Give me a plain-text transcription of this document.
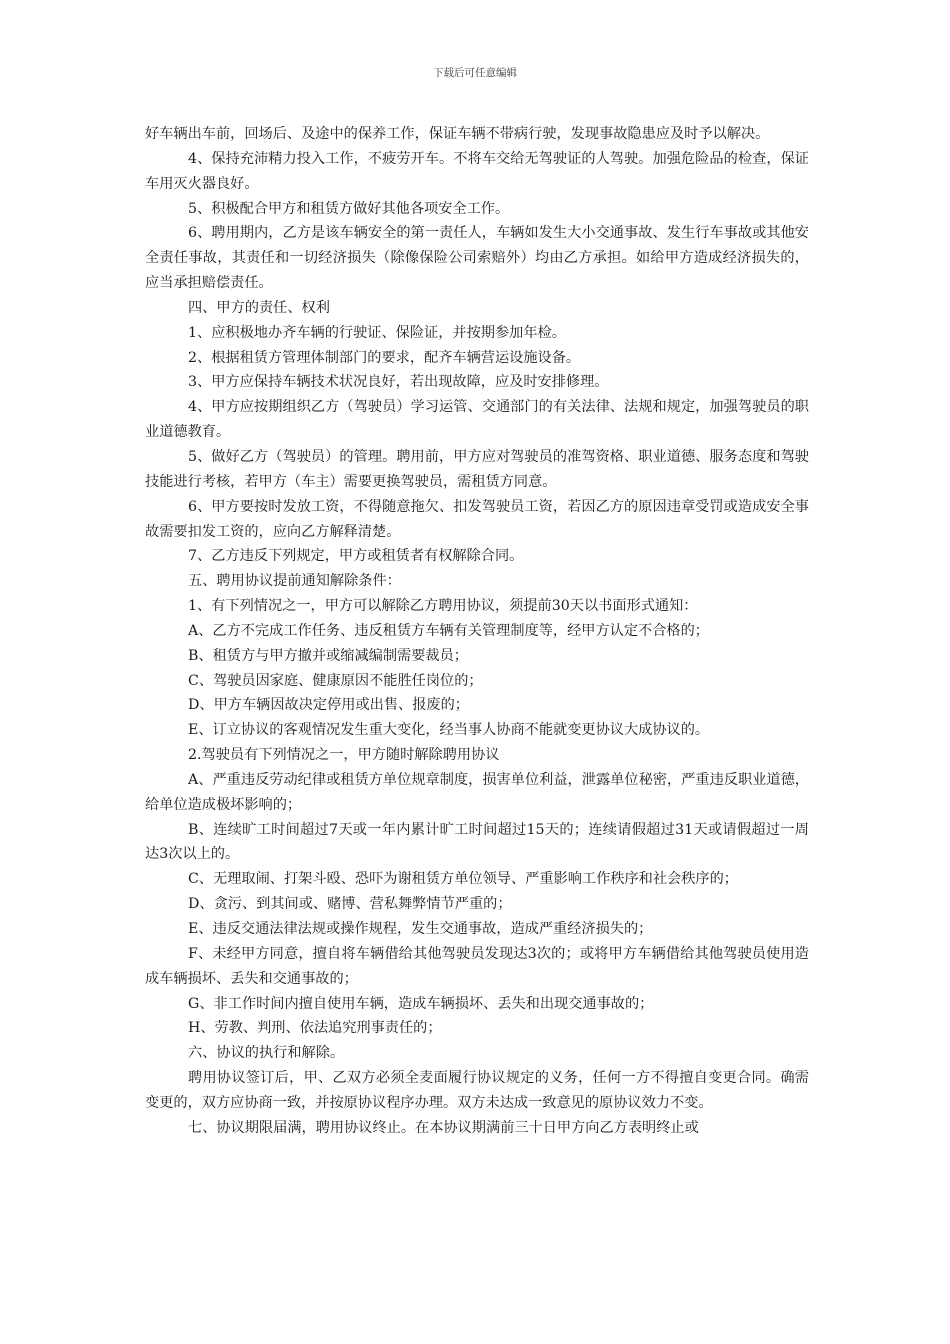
下载后可任意编辑

好车辆出车前，回场后、及途中的保养工作，保证车辆不带病行驶，发现事故隐患应及时予以解决。

4、保持充沛精力投入工作，不疲劳开车。不将车交给无驾驶证的人驾驶。加强危险品的检查，保证车用灭火器良好。

5、积极配合甲方和租赁方做好其他各项安全工作。

6、聘用期内，乙方是该车辆安全的第一责任人，车辆如发生大小交通事故、发生行车事故或其他安全责任事故，其责任和一切经济损失（除像保险公司索赔外）均由乙方承担。如给甲方造成经济损失的，应当承担赔偿责任。

四、甲方的责任、权利

1、应积极地办齐车辆的行驶证、保险证，并按期参加年检。

2、根据租赁方管理体制部门的要求，配齐车辆营运设施设备。

3、甲方应保持车辆技术状况良好，若出现故障，应及时安排修理。

4、甲方应按期组织乙方（驾驶员）学习运管、交通部门的有关法律、法规和规定，加强驾驶员的职业道德教育。

5、做好乙方（驾驶员）的管理。聘用前，甲方应对驾驶员的准驾资格、职业道德、服务态度和驾驶技能进行考核，若甲方（车主）需要更换驾驶员，需租赁方同意。

6、甲方要按时发放工资，不得随意拖欠、扣发驾驶员工资，若因乙方的原因违章受罚或造成安全事故需要扣发工资的，应向乙方解释清楚。

7、乙方违反下列规定，甲方或租赁者有权解除合同。

五、聘用协议提前通知解除条件：

1、有下列情况之一，甲方可以解除乙方聘用协议，须提前30天以书面形式通知：

A、乙方不完成工作任务、违反租赁方车辆有关管理制度等，经甲方认定不合格的；

B、租赁方与甲方撤并或缩减编制需要裁员；

C、驾驶员因家庭、健康原因不能胜任岗位的；

D、甲方车辆因故决定停用或出售、报废的；

E、订立协议的客观情况发生重大变化，经当事人协商不能就变更协议大成协议的。

2.驾驶员有下列情况之一，甲方随时解除聘用协议

A、严重违反劳动纪律或租赁方单位规章制度，损害单位利益，泄露单位秘密，严重违反职业道德，给单位造成极坏影响的；

B、连续旷工时间超过7天或一年内累计旷工时间超过15天的；连续请假超过31天或请假超过一周达3次以上的。

C、无理取闹、打架斗殴、恐吓为谢租赁方单位领导、严重影响工作秩序和社会秩序的；

D、贪污、到其间或、赌博、营私舞弊情节严重的；

E、违反交通法律法规或操作规程，发生交通事故，造成严重经济损失的；

F、未经甲方同意，擅自将车辆借给其他驾驶员发现达3次的；或将甲方车辆借给其他驾驶员使用造成车辆损坏、丢失和交通事故的；

G、非工作时间内擅自使用车辆，造成车辆损坏、丢失和出现交通事故的；

H、劳教、判刑、依法追究刑事责任的；

六、协议的执行和解除。

聘用协议签订后，甲、乙双方必须全麦面履行协议规定的义务，任何一方不得擅自变更合同。确需变更的，双方应协商一致，并按原协议程序办理。双方未达成一致意见的原协议效力不变。

七、协议期限届满，聘用协议终止。在本协议期满前三十日甲方向乙方表明终止或
